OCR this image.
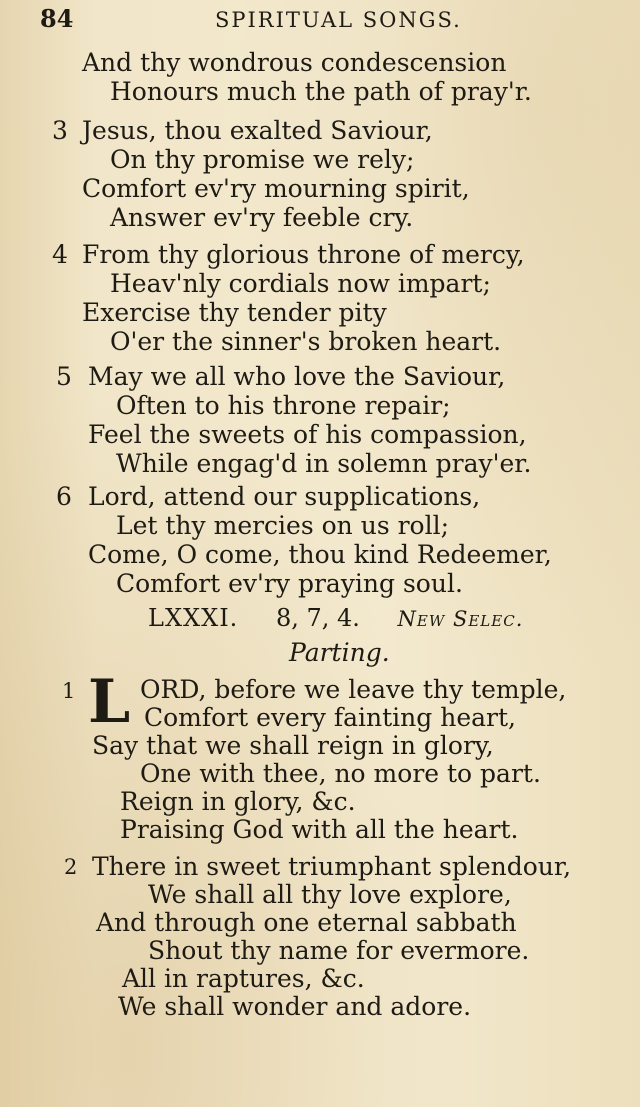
84	SPIRITUAL SONGS.
And thy wondrous condescension
Honours much the path of pray'r.
3 Jesus, thou exalted Saviour,
On thy promise we rely;
Comfort ev'ry mourning spirit,
Answer ev'ry feeble cry.
4 From thy glorious throne of mercy,
Heav'nly cordials now impart;
Exercise thy tender pity
O'er the sinner's broken heart.
5 May we all who love the Saviour,
Often to his throne repair;
Feel the sweets of his compassion,
While engag'd in solemn pray'er.
6 Lord, attend our supplications,
Let thy mercies on us roll;
Come, O come, thou kind Redeemer,
Comfort ev'ry praying soul.
LXXXI. 8, 7, 4. New Selec.
Parting.
1 L ORD, before we leave thy temple,
Comfort every fainting heart,
Say that we shall reign in glory,
One with thee, no more to part.
Reign in glory, &c.
Praising God with all the heart.
2 There in sweet triumphant splendour,
We shall all thy love explore,
And through one eternal sabbath
Shout thy name for evermore.
All in raptures, &c.
We shall wonder and adore.
